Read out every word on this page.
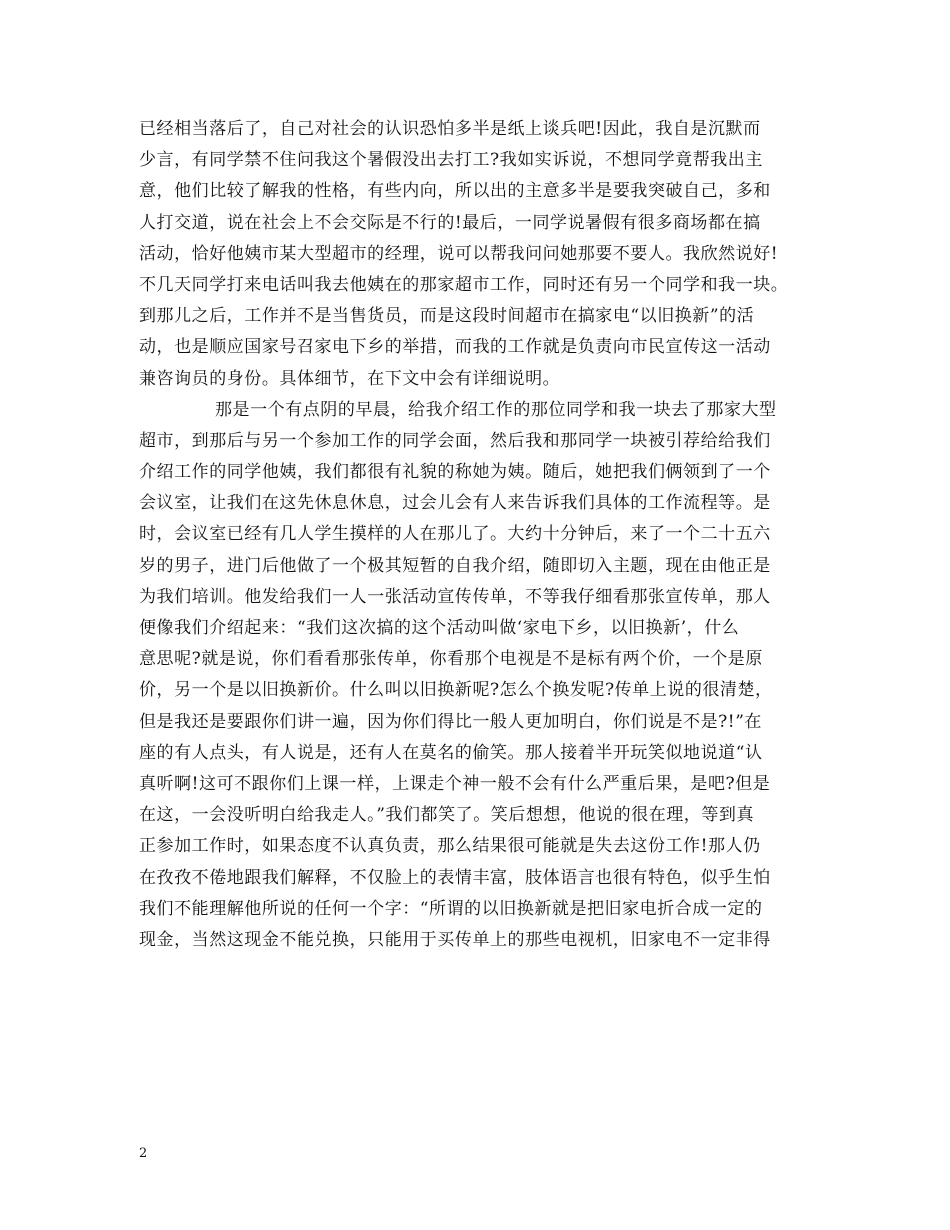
已经相当落后了，自己对社会的认识恐怕多半是纸上谈兵吧!因此，我自是沉默而
少言，有同学禁不住问我这个暑假没出去打工?我如实诉说，不想同学竟帮我出主
意，他们比较了解我的性格，有些内向，所以出的主意多半是要我突破自己，多和
人打交道，说在社会上不会交际是不行的!最后，一同学说暑假有很多商场都在搞
活动，恰好他姨市某大型超市的经理，说可以帮我问问她那要不要人。我欣然说好!
不几天同学打来电话叫我去他姨在的那家超市工作，同时还有另一个同学和我一块。
到那儿之后，工作并不是当售货员，而是这段时间超市在搞家电“以旧换新”的活
动，也是顺应国家号召家电下乡的举措，而我的工作就是负责向市民宣传这一活动
兼咨询员的身份。具体细节，在下文中会有详细说明。
那是一个有点阴的早晨，给我介绍工作的那位同学和我一块去了那家大型
超市，到那后与另一个参加工作的同学会面，然后我和那同学一块被引荐给给我们
介绍工作的同学他姨，我们都很有礼貌的称她为姨。随后，她把我们俩领到了一个
会议室，让我们在这先休息休息，过会儿会有人来告诉我们具体的工作流程等。是
时，会议室已经有几人学生摸样的人在那儿了。大约十分钟后，来了一个二十五六
岁的男子，进门后他做了一个极其短暂的自我介绍，随即切入主题，现在由他正是
为我们培训。他发给我们一人一张活动宣传传单，不等我仔细看那张宣传单，那人
便像我们介绍起来：“我们这次搞的这个活动叫做‘家电下乡，以旧换新’，什么
意思呢?就是说，你们看看那张传单，你看那个电视是不是标有两个价，一个是原
价，另一个是以旧换新价。什么叫以旧换新呢?怎么个换发呢?传单上说的很清楚，
但是我还是要跟你们讲一遍，因为你们得比一般人更加明白，你们说是不是?!”在
座的有人点头，有人说是，还有人在莫名的偷笑。那人接着半开玩笑似地说道“认
真听啊!这可不跟你们上课一样，上课走个神一般不会有什么严重后果，是吧?但是
在这，一会没听明白给我走人。”我们都笑了。笑后想想，他说的很在理，等到真
正参加工作时，如果态度不认真负责，那么结果很可能就是失去这份工作!那人仍
在孜孜不倦地跟我们解释，不仅脸上的表情丰富，肢体语言也很有特色，似乎生怕
我们不能理解他所说的任何一个字：“所谓的以旧换新就是把旧家电折合成一定的
现金，当然这现金不能兑换，只能用于买传单上的那些电视机，旧家电不一定非得
2
